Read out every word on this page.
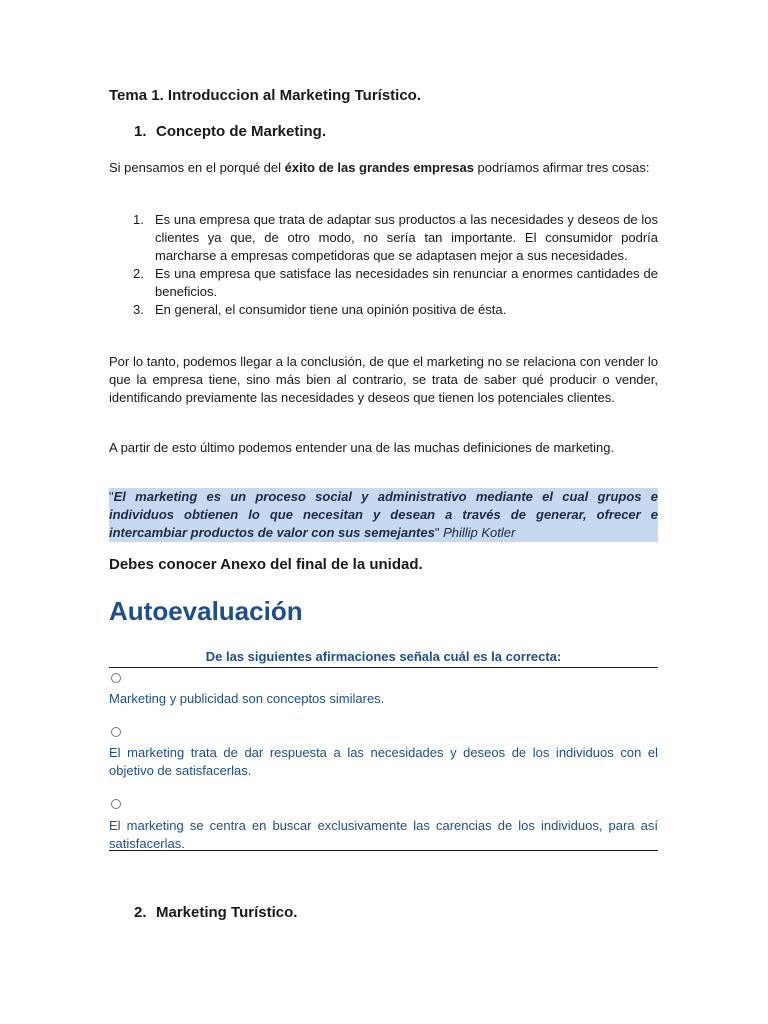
Tema 1. Introduccion al Marketing Turístico.
1. Concepto de Marketing.

Si pensamos en el porqué del éxito de las grandes empresas podríamos afirmar tres cosas:

1. Es una empresa que trata de adaptar sus productos a las necesidades y deseos de los clientes ya que, de otro modo, no sería tan importante. El consumidor podría marcharse a empresas competidoras que se adaptasen mejor a sus necesidades.
2. Es una empresa que satisface las necesidades sin renunciar a enormes cantidades de beneficios.
3. En general, el consumidor tiene una opinión positiva de ésta.

Por lo tanto, podemos llegar a la conclusión, de que el marketing no se relaciona con vender lo que la empresa tiene, sino más bien al contrario, se trata de saber qué producir o vender, identificando previamente las necesidades y deseos que tienen los potenciales clientes.

A partir de esto último podemos entender una de las muchas definiciones de marketing.

"El marketing es un proceso social y administrativo mediante el cual grupos e individuos obtienen lo que necesitan y desean a través de generar, ofrecer e intercambiar productos de valor con sus semejantes" Phillip Kotler

Debes conocer Anexo del final de la unidad.
Autoevaluación
De las siguientes afirmaciones señala cuál es la correcta:
Marketing y publicidad son conceptos similares.
El marketing trata de dar respuesta a las necesidades y deseos de los individuos con el objetivo de satisfacerlas.
El marketing se centra en buscar exclusivamente las carencias de los individuos, para así satisfacerlas.
2. Marketing Turístico.
